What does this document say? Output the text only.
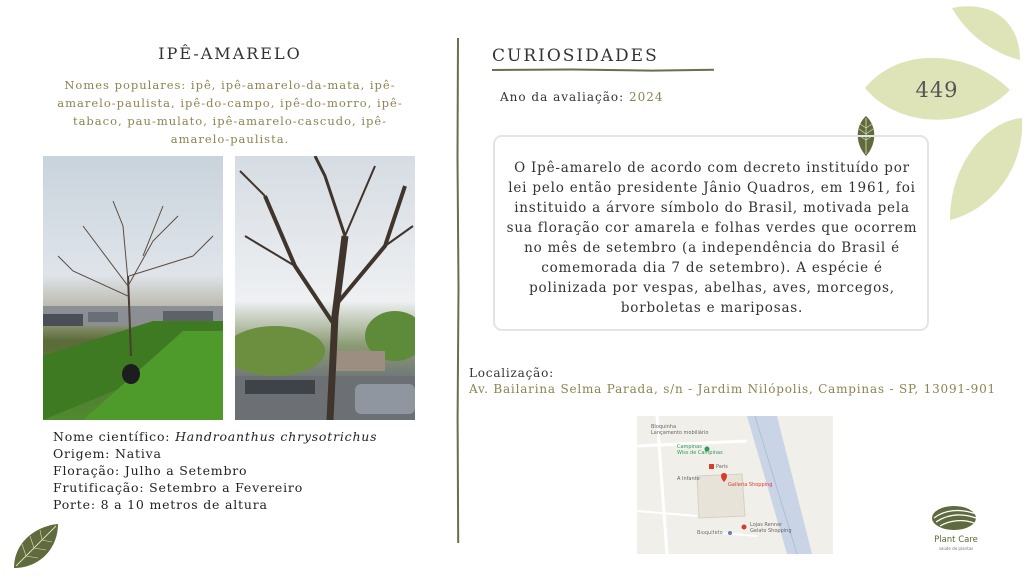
IPÊ-AMARELO
Nomes populares: ipê, ipê-amarelo-da-mata, ipê-amarelo-paulista, ipê-do-campo, ipê-do-morro, ipê-tabaco, pau-mulato, ipê-amarelo-cascudo, ipê-amarelo-paulista.
Nome científico: Handroanthus chrysotrichus
Origem: Nativa
Floração: Julho a Setembro
Frutificação: Setembro a Fevereiro
Porte: 8 a 10 metros de altura
CURIOSIDADES
Ano da avaliação: 2024	449
O Ipê-amarelo de acordo com decreto instituído por lei pelo então presidente Jânio Quadros, em 1961, foi instituido a árvore símbolo do Brasil, motivada pela sua floração cor amarela e folhas verdes que ocorrem no mês de setembro (a independência do Brasil é comemorada dia 7 de setembro). A espécie é polinizada por vespas, abelhas, aves, morcegos, borboletas e mariposas.
Localização:
Av. Bailarina Selma Parada, s/n - Jardim Nilópolis, Campinas - SP, 13091-901
Bloquinha
Lançamento mobiliário
Campinas
Wiss de Campinas
Paris
Galleria Shopping
A Infante
Bioquiteto
Lojas Renner
Gelato Shopping
Plant Care
saúde de plantas
